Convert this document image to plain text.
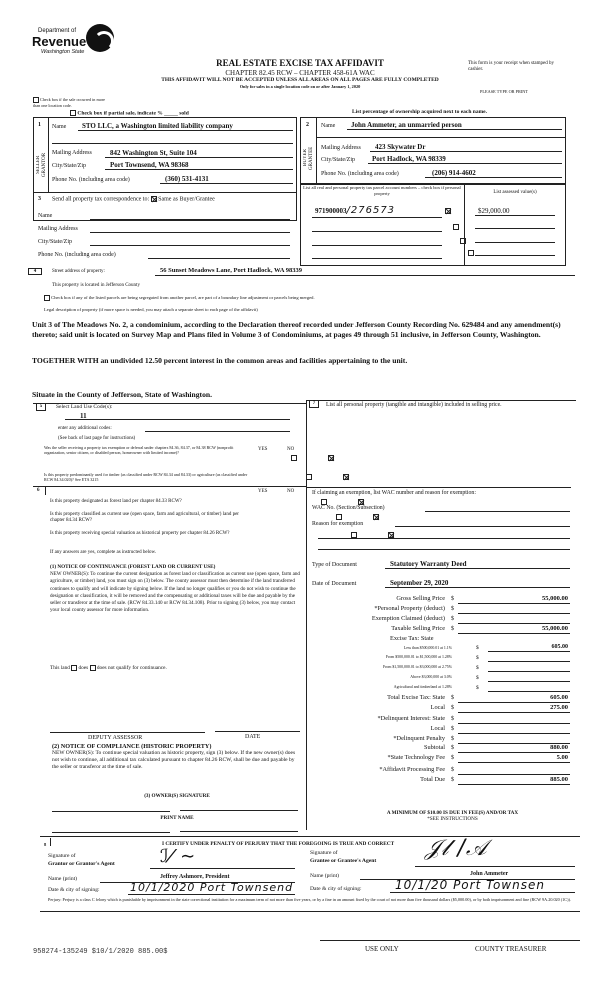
Department of
Revenue
Washington State
REAL ESTATE EXCISE TAX AFFIDAVIT
CHAPTER 82.45 RCW – CHAPTER 458-61A WAC
THIS AFFIDAVIT WILL NOT BE ACCEPTED UNLESS ALL AREAS ON ALL PAGES ARE FULLY COMPLETED
Only for sales in a single location code on or after January 1, 2020
This form is your receipt when stamped by cashier.
PLEASE TYPE OR PRINT
Check box if the sale occurred in more than one location code.
Check box if partial sale, indicate % _____ sold	List percentage of ownership acquired next to each name.
1
SELLER GRANTOR
Name STO LLC, a Washington limited liability company
Mailing Address	842 Washington St, Suite 104
City/State/Zip	Port Townsend, WA 98368
Phone No. (including area code)	(360) 531-4131
2
BUYER GRANTEE
Name John Ammeter, an unmarried person
Mailing Address 423 Skywater Dr
City/State/Zip Port Hadlock, WA 98339
Phone No. (including area code)	(206) 914-4602
3 Send all property tax correspondence to: Same as Buyer/Grantee
Name
Mailing Address
City/State/Zip
Phone No. (including area code)
List all real and personal property tax parcel account numbers – check box if personal property	List assessed value(s)
971900003/276573
	$29,000.00

4	Street address of property:	56 Sunset Meadows Lane, Port Hadlock, WA 98339
This property is located in Jefferson County
Check box if any of the listed parcels are being segregated from another parcel, are part of a boundary line adjustment or parcels being merged.
Legal description of property (if more space is needed, you may attach a separate sheet to each page of the affidavit)
Unit 3 of The Meadows No. 2, a condominium, according to the Declaration thereof recorded under Jefferson County Recording No. 629484 and any amendment(s) thereto; said unit is located on Survey Map and Plans filed in Volume 3 of Condominiums, at pages 49 through 51 inclusive, in Jefferson County, Washington.
TOGETHER WITH an undivided 12.50 percent interest in the common areas and facilities appertaining to the unit.
Situate in the County of Jefferson, State of Washington.
5	Select Land Use Code(s):
11
enter any additional codes:
(See back of last page for instructions)
YES	NO
Was the seller receiving a property tax exemption or deferral under chapters 84.36, 84.37, or 84.38 RCW (nonprofit organization, senior citizen, or disabled person, homeowner with limited income)?

Is this property predominantly used for timber (as classified under RCW 84.34 and 84.33) or agriculture (as classified under RCW 84.34.020)? See ETA 3215

6	YES	NO
Is this property designated as forest land per chapter 84.33 RCW?

Is this property classified as current use (open space, farm and agricultural, or timber) land per chapter 84.34 RCW?

Is this property receiving special valuation as historical property per chapter 84.26 RCW?

If any answers are yes, complete as instructed below.
(1) NOTICE OF CONTINUANCE (FOREST LAND OR CURRENT USE)
NEW OWNER(S): To continue the current designation as forest land or classification as current use (open space, farm and agriculture, or timber) land, you must sign on (3) below. The county assessor must then determine if the land transferred continues to qualify and will indicate by signing below. If the land no longer qualifies or you do not wish to continue the designation or classification, it will be removed and the compensating or additional taxes will be due and payable by the seller or transferor at the time of sale. (RCW 84.33.140 or RCW 84.34.108). Prior to signing (3) below, you may contact your local county assessor for more information.
This land does does not qualify for continuance.
DEPUTY ASSESSOR	DATE
(2) NOTICE OF COMPLIANCE (HISTORIC PROPERTY)
NEW OWNER(S): To continue special valuation as historic property, sign (3) below. If the new owner(s) does not wish to continue, all additional tax calculated pursuant to chapter 84.26 RCW, shall be due and payable by the seller or transferor at the time of sale.
(3) OWNER(S) SIGNATURE
PRINT NAME
7	List all personal property (tangible and intangible) included in selling price.
If claiming an exemption, list WAC number and reason for exemption:
WAC No. (Section/Subsection)
Reason for exemption
Type of Document	Statutory Warranty Deed
Date of Document	September 29, 2020
Gross Selling Price $	55,000.00
*Personal Property (deduct) $
Exemption Claimed (deduct) $
Taxable Selling Price $	55,000.00
Excise Tax: State
Less than $500,000.01 at 1.1%	$	605.00
From $500,000.01 to $1,500,000 at 1.28%	$
From $1,500,000.01 to $3,000,000 at 2.75%	$
Above $3,000,000 at 3.0%	$
Agricultural and timberland at 1.28%	$
Total Excise Tax: State $	605.00
Local $	275.00
*Delinquent Interest: State $
Local $
*Delinquent Penalty $
Subtotal $	880.00
*State Technology Fee $	5.00
*Affidavit Processing Fee $
Total Due $	885.00
A MINIMUM OF $10.00 IS DUE IN FEE(S) AND/OR TAX
*SEE INSTRUCTIONS
8	I CERTIFY UNDER PENALTY OF PERJURY THAT THE FOREGOING IS TRUE AND CORRECT
Signature of
Grantor or Grantor's Agent	ℐ⁄ ∼
Name (print)	Jeffrey Ashmore, President
Date & city of signing:	10/1/2020 Port Townsend
Signature of
Grantee or Grantee's Agent 𝒥𝓁 /𝒜
Name (print)	John Ammeter
Date & city of signing:	10/1/20 Port Townsen
Perjury: Perjury is a class C felony which is punishable by imprisonment in the state correctional institution for a maximum term of not more than five years, or by a fine in an amount fixed by the court of not more than five thousand dollars ($5,000.00), or by both imprisonment and fine (RCW 9A.20.020 (1C)).
958274-135249 $10/1/2020 885.00$	USE ONLY	COUNTY TREASURER
